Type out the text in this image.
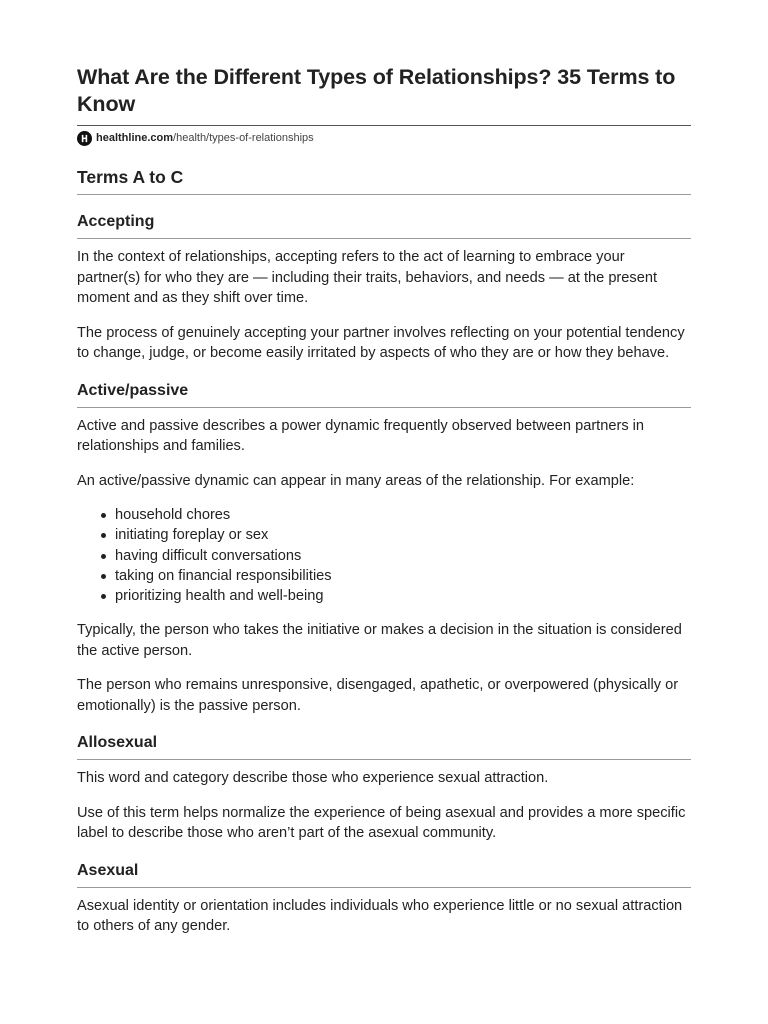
What Are the Different Types of Relationships? 35 Terms to Know
healthline.com /health/types-of-relationships
Terms A to C
Accepting

In the context of relationships, accepting refers to the act of learning to embrace your partner(s) for who they are — including their traits, behaviors, and needs — at the present moment and as they shift over time.

The process of genuinely accepting your partner involves reflecting on your potential tendency to change, judge, or become easily irritated by aspects of who they are or how they behave.

Active/passive

Active and passive describes a power dynamic frequently observed between partners in relationships and families.

An active/passive dynamic can appear in many areas of the relationship. For example:

household chores
initiating foreplay or sex
having difficult conversations
taking on financial responsibilities
prioritizing health and well-being

Typically, the person who takes the initiative or makes a decision in the situation is considered the active person.

The person who remains unresponsive, disengaged, apathetic, or overpowered (physically or emotionally) is the passive person.

Allosexual

This word and category describe those who experience sexual attraction.

Use of this term helps normalize the experience of being asexual and provides a more specific label to describe those who aren’t part of the asexual community.

Asexual

Asexual identity or orientation includes individuals who experience little or no sexual attraction to others of any gender.
